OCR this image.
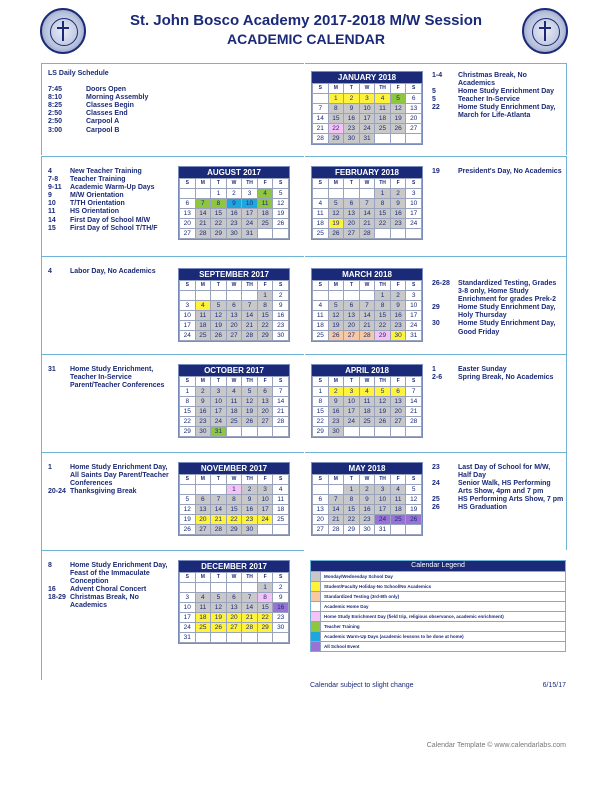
St. John Bosco Academy 2017-2018 M/W Session
ACADEMIC CALENDAR
LS Daily Schedule
7:45	Doors Open
8:10	Morning Assembly
8:25	Classes Begin
2:50	Classes End
2:50	Carpool A
3:00	Carpool B
4	New Teacher Training
7-8	Teacher Training
9-11	Academic Warm-Up Days
9	M/W Orientation
10	T/TH Orientation
11	HS Orientation
14	First Day of School M/W
15	First Day of School T/TH/F
4	Labor Day, No Academics
31	Home Study Enrichment, Teacher In-Service Parent/Teacher Conferences
1	Home Study Enrichment Day, All Saints Day Parent/Teacher Conferences
20-24 Thanksgiving Break
8	Home Study Enrichment Day, Feast of the Immaculate Conception
16	Advent Choral Concert
18-29 Christmas Break, No Academics
1-4	Christmas Break, No Academics
5	Home Study Enrichment Day
5	Teacher In-Service
22	Home Study Enrichment Day, March for Life-Atlanta
19	President's Day, No Academics
26-28	Standardized Testing, Grades 3-8 only, Home Study Enrichment for grades Prek-2
29	Home Study Enrichment Day, Holy Thursday
30	Home Study Enrichment Day, Good Friday
1	Easter Sunday
2-6	Spring Break, No Academics
23	Last Day of School for M/W, Half Day
24	Senior Walk, HS Performing Arts Show, 4pm and 7 pm
25	HS Performing Arts Show, 7 pm
26	HS Graduation
AUGUST 2017
S	M	T	W	TH	F	S
		1	2	3	4	5
6	7	8	9	10	11	12
13	14	15	16	17	18	19
20	21	22	23	24	25	26
27	28	29	30	31		
SEPTEMBER 2017
S	M	T	W	TH	F	S
					1	2
3	4	5	6	7	8	9
10	11	12	13	14	15	16
17	18	19	20	21	22	23
24	25	26	27	28	29	30
OCTOBER 2017
S	M	T	W	TH	F	S
1	2	3	4	5	6	7
8	9	10	11	12	13	14
15	16	17	18	19	20	21
22	23	24	25	26	27	28
29	30	31				
NOVEMBER 2017
S	M	T	W	TH	F	S
			1	2	3	4
5	6	7	8	9	10	11
12	13	14	15	16	17	18
19	20	21	22	23	24	25
26	27	28	29	30		
DECEMBER 2017
S	M	T	W	TH	F	S
					1	2
3	4	5	6	7	8	9
10	11	12	13	14	15	16
17	18	19	20	21	22	23
24	25	26	27	28	29	30
31						
JANUARY 2018
S	M	T	W	TH	F	S
	1	2	3	4	5	6
7	8	9	10	11	12	13
14	15	16	17	18	19	20
21	22	23	24	25	26	27
28	29	30	31			
FEBRUARY 2018
S	M	T	W	TH	F	S
				1	2	3
4	5	6	7	8	9	10
11	12	13	14	15	16	17
18	19	20	21	22	23	24
25	26	27	28			
MARCH 2018
S	M	T	W	TH	F	S
				1	2	3
4	5	6	7	8	9	10
11	12	13	14	15	16	17
18	19	20	21	22	23	24
25	26	27	28	29	30	31
APRIL 2018
S	M	T	W	TH	F	S
1	2	3	4	5	6	7
8	9	10	11	12	13	14
15	16	17	18	19	20	21
22	23	24	25	26	27	28
29	30					
MAY 2018
S	M	T	W	TH	F	S
		1	2	3	4	5
6	7	8	9	10	11	12
13	14	15	16	17	18	19
20	21	22	23	24	25	26
27	28	29	30	31		
Calendar Legend
Monday/Wednesday School Day
Student/Faculty Holiday-No School/No Academics
Standardized Testing (3rd-8th only)
Academic Home Day
Home Study Enrichment Day (field trip, religious observance, academic enrichment)
Teacher Training
Academic Warm-Up Days (academic lessons to be done at home)
All School Event
Calendar subject to slight change	6/15/17
Calendar Template © www.calendarlabs.com
